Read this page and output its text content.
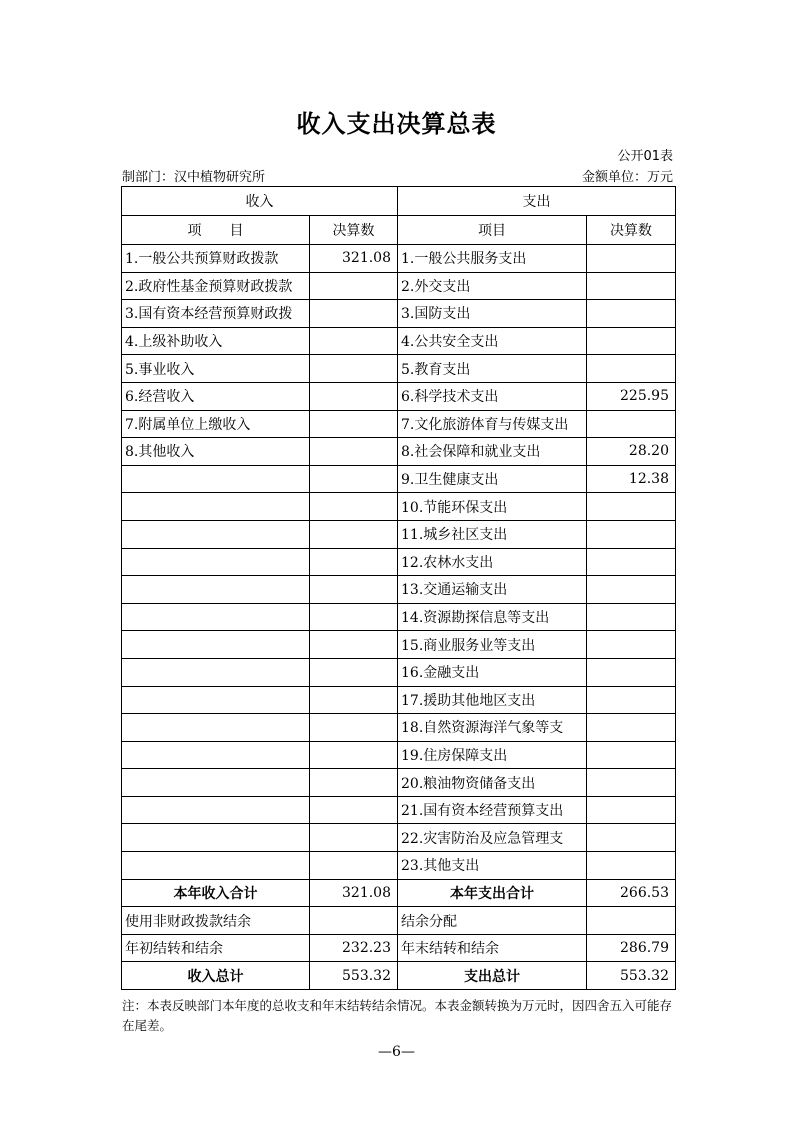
收入支出决算总表
公开01表
制部门：汉中植物研究所	金额单位：万元
收入		支出	
项　　目	决算数	项目	决算数
1.一般公共预算财政拨款	321.08	1.一般公共服务支出	
2.政府性基金预算财政拨款		2.外交支出	
3.国有资本经营预算财政拨		3.国防支出	
4.上级补助收入		4.公共安全支出	
5.事业收入		5.教育支出	
6.经营收入		6.科学技术支出	225.95
7.附属单位上缴收入		7.文化旅游体育与传媒支出	
8.其他收入		8.社会保障和就业支出	28.20
		9.卫生健康支出	12.38
		10.节能环保支出	
		11.城乡社区支出	
		12.农林水支出	
		13.交通运输支出	
		14.资源勘探信息等支出	
		15.商业服务业等支出	
		16.金融支出	
		17.援助其他地区支出	
		18.自然资源海洋气象等支	
		19.住房保障支出	
		20.粮油物资储备支出	
		21.国有资本经营预算支出	
		22.灾害防治及应急管理支	
		23.其他支出	
本年收入合计	321.08	本年支出合计	266.53
使用非财政拨款结余		结余分配	
年初结转和结余	232.23	年末结转和结余	286.79
收入总计	553.32	支出总计	553.32
注：本表反映部门本年度的总收支和年末结转结余情况。本表金额转换为万元时，因四舍五入可能存在尾差。
—6—
